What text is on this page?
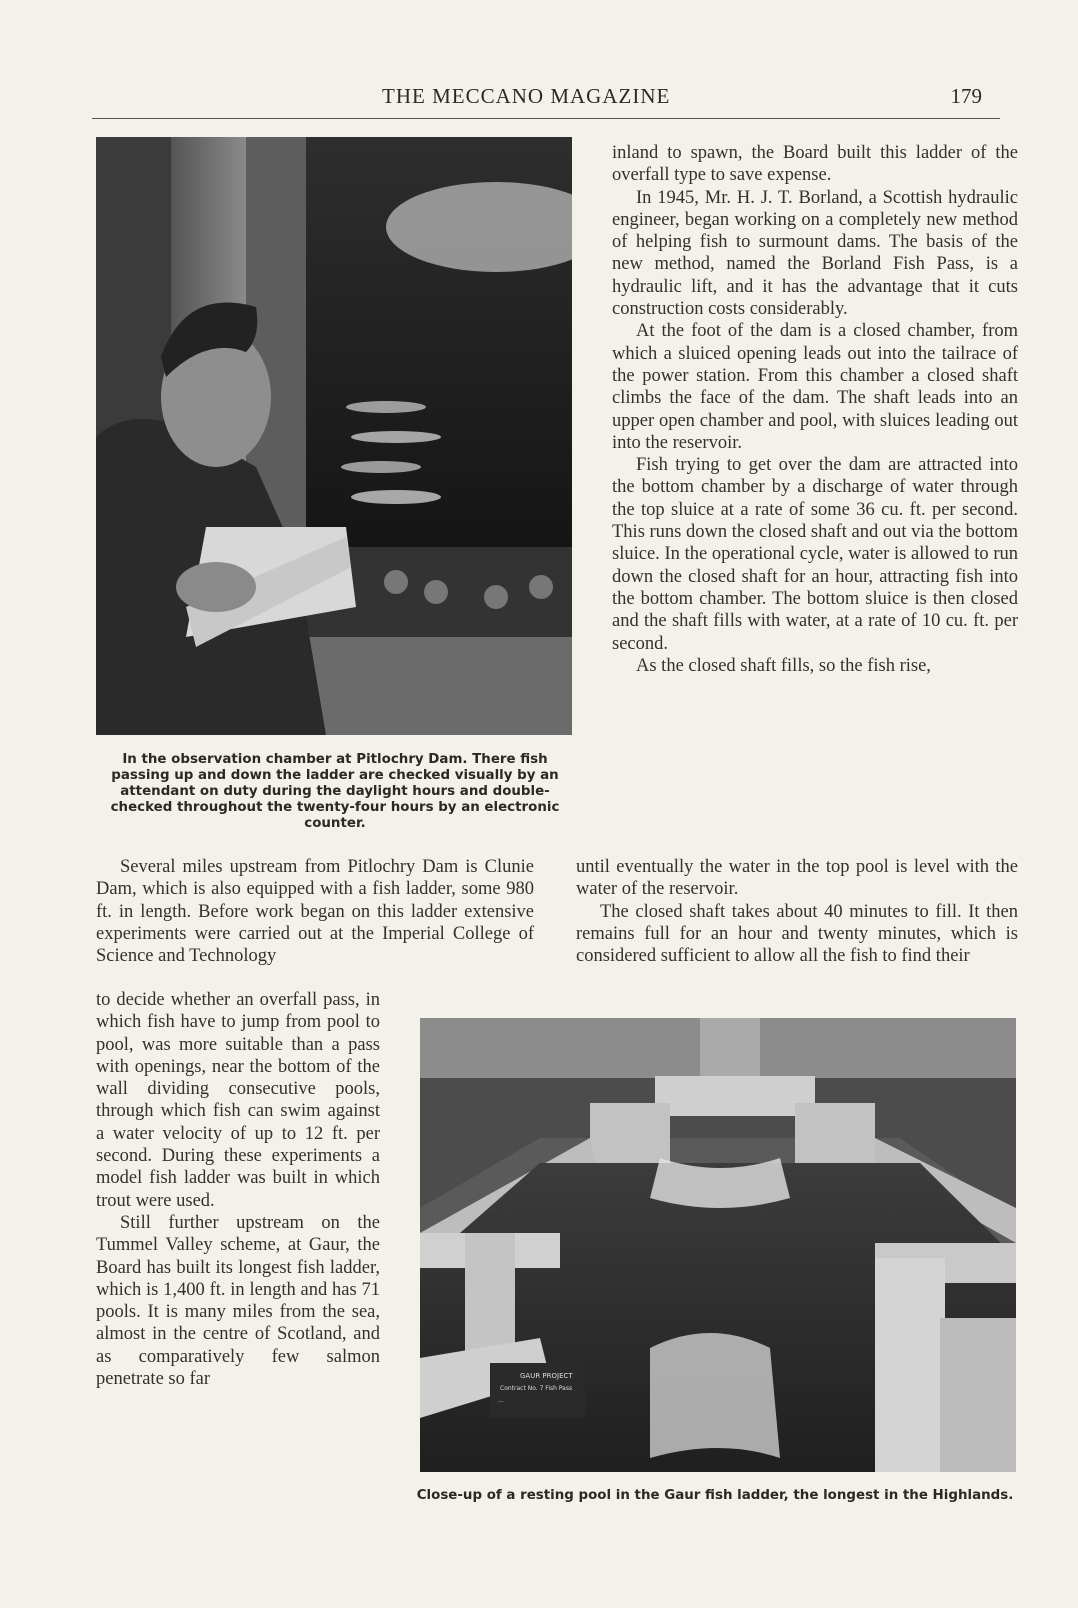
THE MECCANO MAGAZINE	179
In the observation chamber at Pitlochry Dam. There fish passing up and down the ladder are checked visually by an attendant on duty during the daylight hours and double-checked throughout the twenty-four hours by an electronic counter.

inland to spawn, the Board built this ladder of the overfall type to save expense.

In 1945, Mr. H. J. T. Borland, a Scottish hydraulic engineer, began working on a completely new method of helping fish to surmount dams. The basis of the new method, named the Borland Fish Pass, is a hydraulic lift, and it has the advantage that it cuts construction costs considerably.

At the foot of the dam is a closed chamber, from which a sluiced opening leads out into the tailrace of the power station. From this chamber a closed shaft climbs the face of the dam. The shaft leads into an upper open chamber and pool, with sluices leading out into the reservoir.

Fish trying to get over the dam are attracted into the bottom chamber by a discharge of water through the top sluice at a rate of some 36 cu. ft. per second. This runs down the closed shaft and out via the bottom sluice. In the operational cycle, water is allowed to run down the closed shaft for an hour, attracting fish into the bottom chamber. The bottom sluice is then closed and the shaft fills with water, at a rate of 10 cu. ft. per second.

As the closed shaft fills, so the fish rise,

Several miles upstream from Pitlochry Dam is Clunie Dam, which is also equipped with a fish ladder, some 980 ft. in length. Before work began on this ladder extensive experiments were carried out at the Imperial College of Science and Technology

until eventually the water in the top pool is level with the water of the reservoir.

The closed shaft takes about 40 minutes to fill. It then remains full for an hour and twenty minutes, which is considered sufficient to allow all the fish to find their

to decide whether an overfall pass, in which fish have to jump from pool to pool, was more suitable than a pass with openings, near the bottom of the wall dividing consecutive pools, through which fish can swim against a water velocity of up to 12 ft. per second. During these experiments a model fish ladder was built in which trout were used.

Still further upstream on the Tummel Valley scheme, at Gaur, the Board has built its longest fish ladder, which is 1,400 ft. in length and has 71 pools. It is many miles from the sea, almost in the centre of Scotland, and as comparatively few salmon penetrate so far	GAUR PROJECT
Contract No. 7 Fish Pass
...
Close-up of a resting pool in the Gaur fish ladder, the longest in the Highlands.
